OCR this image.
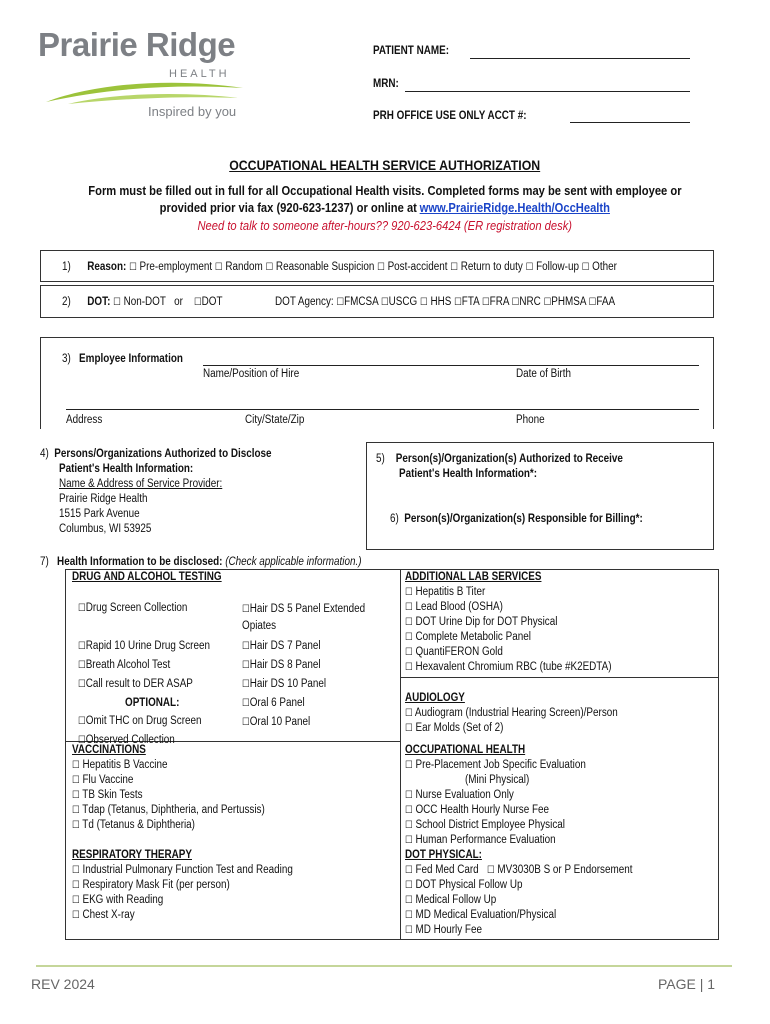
Prairie Ridge
HEALTH
Inspired by you
PATIENT NAME:
MRN:
PRH OFFICE USE ONLY ACCT #:
OCCUPATIONAL HEALTH SERVICE AUTHORIZATION
Form must be filled out in full for all Occupational Health visits. Completed forms may be sent with employee or
provided prior via fax (920-623-1237) or online at www.PrairieRidge.Health/OccHealth
Need to talk to someone after-hours?? 920-623-6424 (ER registration desk)
1) Reason: ☐ Pre-employment ☐ Random ☐ Reasonable Suspicion ☐ Post-accident ☐ Return to duty ☐ Follow-up ☐ Other
2) DOT: ☐ Non-DOT or ☐DOT	DOT Agency: ☐FMCSA ☐USCG ☐ HHS ☐FTA ☐FRA ☐NRC ☐PHMSA ☐FAA
3) Employee Information
Name/Position of Hire	Date of Birth
Address	City/State/Zip	Phone
4) Persons/Organizations Authorized to Disclose
Patient's Health Information:
Name & Address of Service Provider:
Prairie Ridge Health
1515 Park Avenue
Columbus, WI 53925
5) Person(s)/Organization(s) Authorized to Receive
Patient's Health Information*:
6) Person(s)/Organization(s) Responsible for Billing*:
7) Health Information to be disclosed: (Check applicable information.)
DRUG AND ALCOHOL TESTING
☐Drug Screen Collection
☐Rapid 10 Urine Drug Screen
☐Breath Alcohol Test
☐Call result to DER ASAP
OPTIONAL:
☐Omit THC on Drug Screen
☐Observed Collection
☐Hair DS 5 Panel Extended
Opiates
☐Hair DS 7 Panel
☐Hair DS 8 Panel
☐Hair DS 10 Panel
☐Oral 6 Panel
☐Oral 10 Panel
ADDITIONAL LAB SERVICES
☐ Hepatitis B Titer
☐ Lead Blood (OSHA)
☐ DOT Urine Dip for DOT Physical
☐ Complete Metabolic Panel
☐ QuantiFERON Gold
☐ Hexavalent Chromium RBC (tube #K2EDTA)
AUDIOLOGY
☐ Audiogram (Industrial Hearing Screen)/Person
☐ Ear Molds (Set of 2)
VACCINATIONS
☐ Hepatitis B Vaccine
☐ Flu Vaccine
☐ TB Skin Tests
☐ Tdap (Tetanus, Diphtheria, and Pertussis)
☐ Td (Tetanus & Diphtheria)
RESPIRATORY THERAPY
☐ Industrial Pulmonary Function Test and Reading
☐ Respiratory Mask Fit (per person)
☐ EKG with Reading
☐ Chest X-ray
OCCUPATIONAL HEALTH
☐ Pre-Placement Job Specific Evaluation
(Mini Physical)
☐ Nurse Evaluation Only
☐ OCC Health Hourly Nurse Fee
☐ School District Employee Physical
☐ Human Performance Evaluation
DOT PHYSICAL:
☐ Fed Med Card ☐ MV3030B S or P Endorsement
☐ DOT Physical Follow Up
☐ Medical Follow Up
☐ MD Medical Evaluation/Physical
☐ MD Hourly Fee
REV 2024	PAGE | 1
